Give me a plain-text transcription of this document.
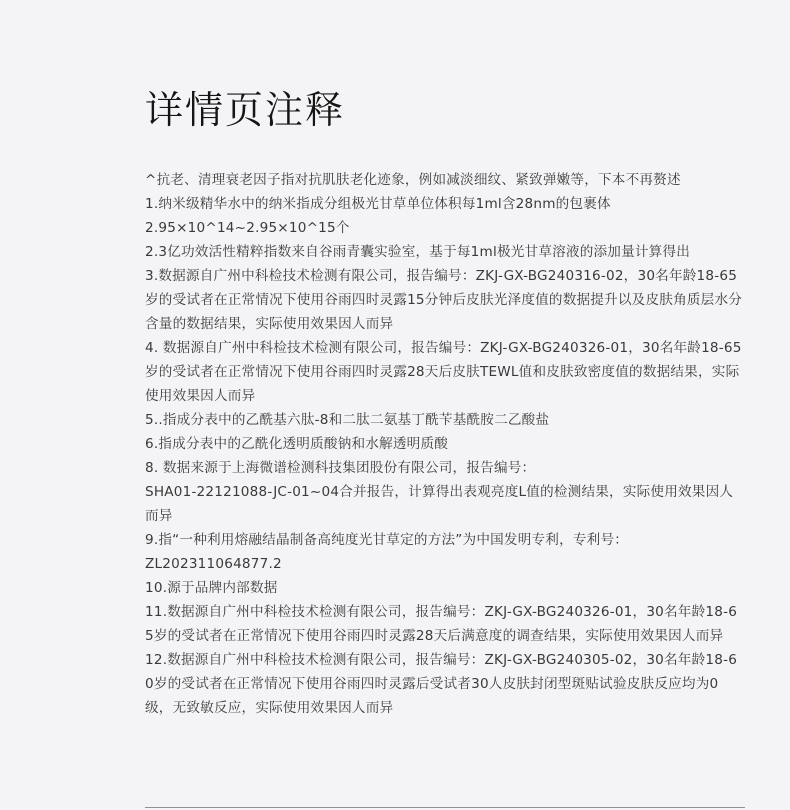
详情页注释
^抗老、清理衰老因子指对抗肌肤老化迹象，例如减淡细纹、紧致弹嫩等，下本不再赘述
1.纳米级精华水中的纳米指成分组极光甘草单位体积每1ml含28nm的包裹体
2.95×10^14~2.95×10^15个
2.3亿功效活性精粹指数来自谷雨青囊实验室，基于每1ml极光甘草溶液的添加量计算得出
3.数据源自广州中科检技术检测有限公司，报告编号：ZKJ-GX-BG240316-02，30名年龄18-65岁的受试者在正常情况下使用谷雨四时灵露15分钟后皮肤光泽度值的数据提升以及皮肤角质层水分含量的数据结果，实际使用效果因人而异
4. 数据源自广州中科检技术检测有限公司，报告编号：ZKJ-GX-BG240326-01，30名年龄18-65岁的受试者在正常情况下使用谷雨四时灵露28天后皮肤TEWL值和皮肤致密度值的数据结果，实际使用效果因人而异
5..指成分表中的乙酰基六肽-8和二肽二氨基丁酰苄基酰胺二乙酸盐
6.指成分表中的乙酰化透明质酸钠和水解透明质酸
8. 数据来源于上海微谱检测科技集团股份有限公司，报告编号：
SHA01-22121088-JC-01~04合并报告，计算得出表观亮度L值的检测结果，实际使用效果因人而异
9.指“一种利用熔融结晶制备高纯度光甘草定的方法”为中国发明专利，专利号：
ZL202311064877.2
10.源于品牌内部数据
11.数据源自广州中科检技术检测有限公司，报告编号：ZKJ-GX-BG240326-01，30名年龄18-65岁的受试者在正常情况下使用谷雨四时灵露28天后满意度的调查结果，实际使用效果因人而异
12.数据源自广州中科检技术检测有限公司，报告编号：ZKJ-GX-BG240305-02，30名年龄18-60岁的受试者在正常情况下使用谷雨四时灵露后受试者30人皮肤封闭型斑贴试验皮肤反应均为0级，无致敏反应，实际使用效果因人而异
